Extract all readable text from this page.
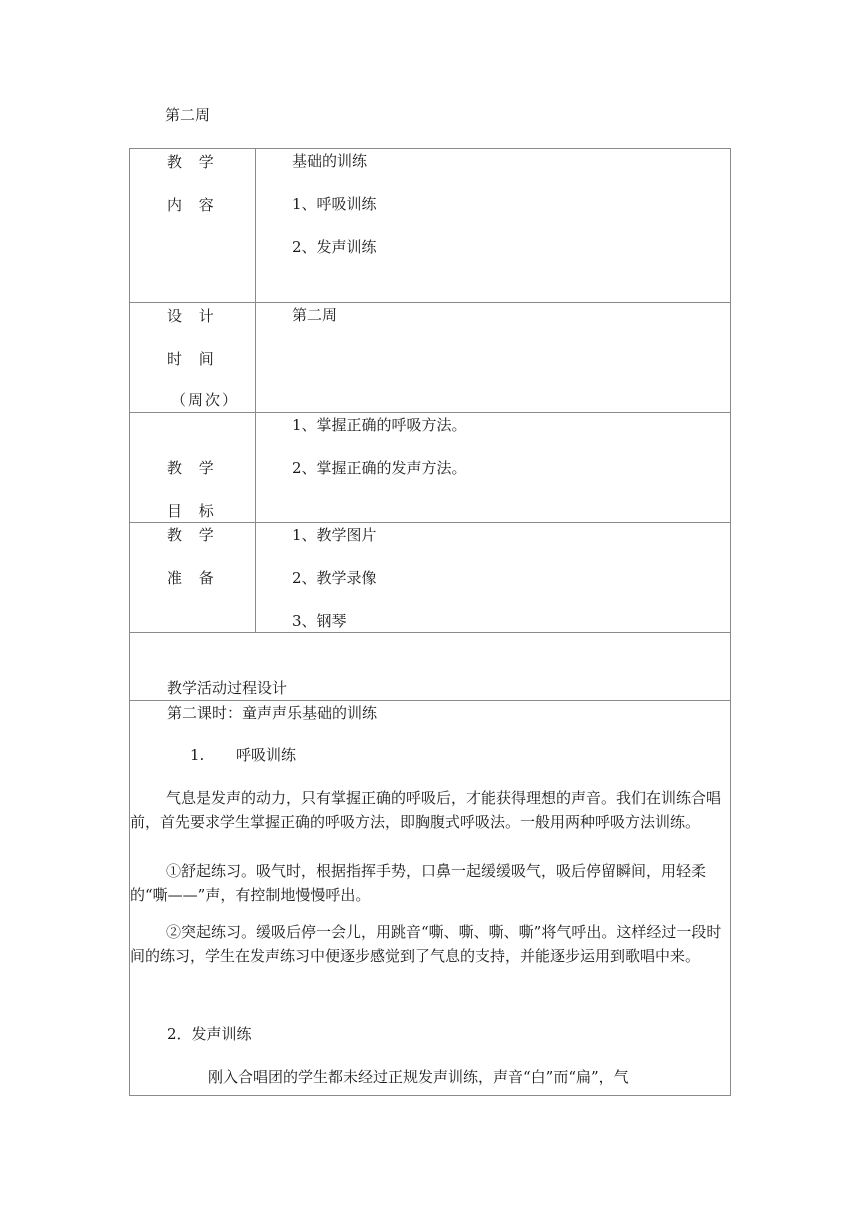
第二周
教 学
内 容
基础的训练
1、呼吸训练
2、发声训练
设 计
时 间
（周次）
第二周
教 学
目 标
1、掌握正确的呼吸方法。
2、掌握正确的发声方法。
教 学
准 备
1、教学图片
2、教学录像
3、钢琴
教学活动过程设计
第二课时：童声声乐基础的训练
1. 呼吸训练

气息是发声的动力，只有掌握正确的呼吸后，才能获得理想的声音。我们在训练合唱前，首先要求学生掌握正确的呼吸方法，即胸腹式呼吸法。一般用两种呼吸方法训练。

①舒起练习。吸气时，根据指挥手势，口鼻一起缓缓吸气，吸后停留瞬间，用轻柔的“嘶——”声，有控制地慢慢呼出。

②突起练习。缓吸后停一会儿，用跳音“嘶、嘶、嘶、嘶”将气呼出。这样经过一段时间的练习，学生在发声练习中便逐步感觉到了气息的支持，并能逐步运用到歌唱中来。

2．发声训练
刚入合唱团的学生都未经过正规发声训练，声音“白”而“扁”，气
